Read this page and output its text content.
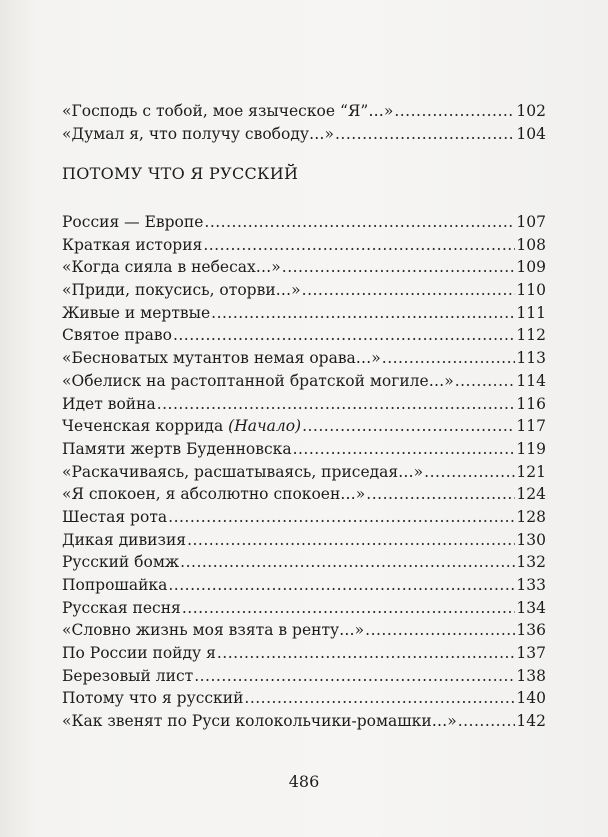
«Господь с тобой, мое языческое “Я”…» .....	102
«Думал я, что получу свободу…» .....	104
ПОТОМУ ЧТО Я РУССКИЙ
Россия — Европе .....	107
Краткая история .....	108
«Когда сияла в небесах…» .....	109
«Приди, покусись, оторви…» .....	110
Живые и мертвые .....	111
Святое право .....	112
«Бесноватых мутантов немая орава…» .....	113
«Обелиск на растоптанной братской могиле…» .....	114
Идет война .....	116
Чеченская коррида (Начало) .....	117
Памяти жертв Буденновска .....	119
«Раскачиваясь, расшатываясь, приседая…» .....	121
«Я спокоен, я абсолютно спокоен…» .....	124
Шестая рота .....	128
Дикая дивизия .....	130
Русский бомж .....	132
Попрошайка .....	133
Русская песня .....	134
«Словно жизнь моя взята в ренту…» .....	136
По России пойду я .....	137
Березовый лист .....	138
Потому что я русский .....	140
«Как звенят по Руси колокольчики-ромашки…» .....	142
486
